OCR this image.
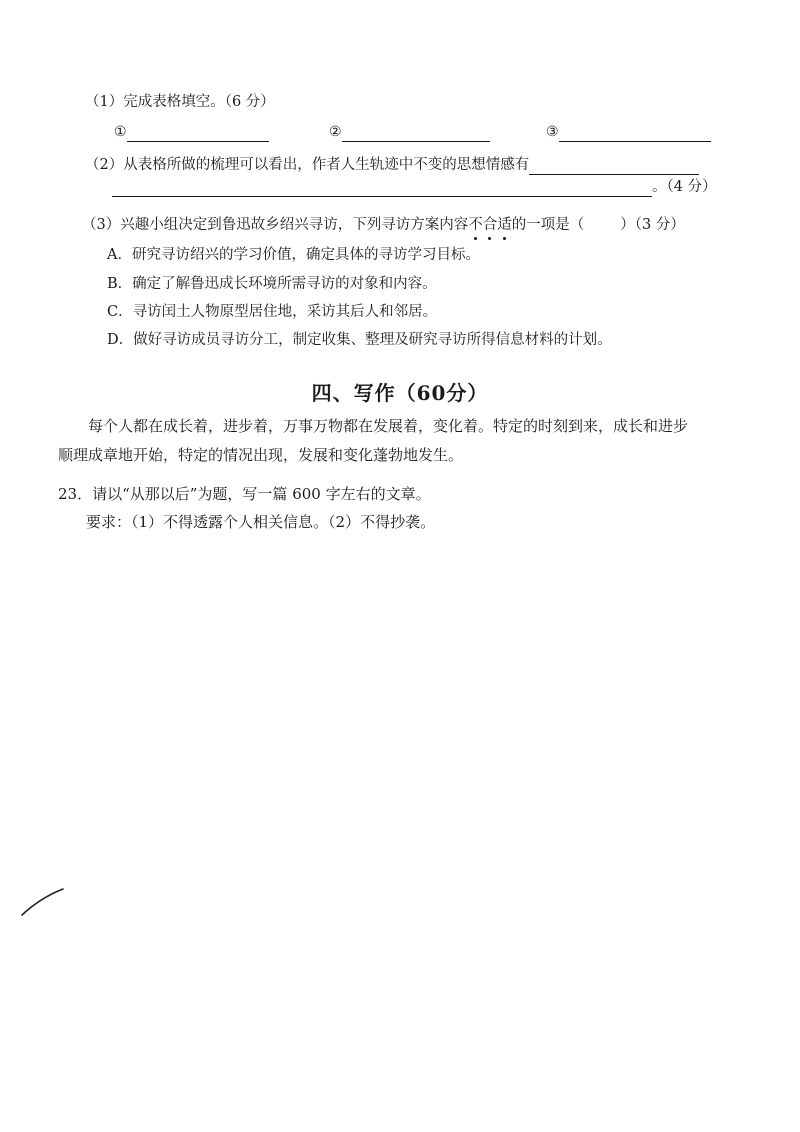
（1）完成表格填空。（6 分）
①	②	③
（2）从表格所做的梳理可以看出，作者人生轨迹中不变的思想情感有
。（4 分）
（3）兴趣小组决定到鲁迅故乡绍兴寻访，下列寻访方案内容不合适的一项是（ ）（3 分）
A．研究寻访绍兴的学习价值，确定具体的寻访学习目标。
B．确定了解鲁迅成长环境所需寻访的对象和内容。
C．寻访闰土人物原型居住地，采访其后人和邻居。
D．做好寻访成员寻访分工，制定收集、整理及研究寻访所得信息材料的计划。
四、写作（60分）
每个人都在成长着，进步着，万事万物都在发展着，变化着。特定的时刻到来，成长和进步
顺理成章地开始，特定的情况出现，发展和变化蓬勃地发生。
23．请以“从那以后”为题，写一篇 600 字左右的文章。
要求：（1）不得透露个人相关信息。（2）不得抄袭。
